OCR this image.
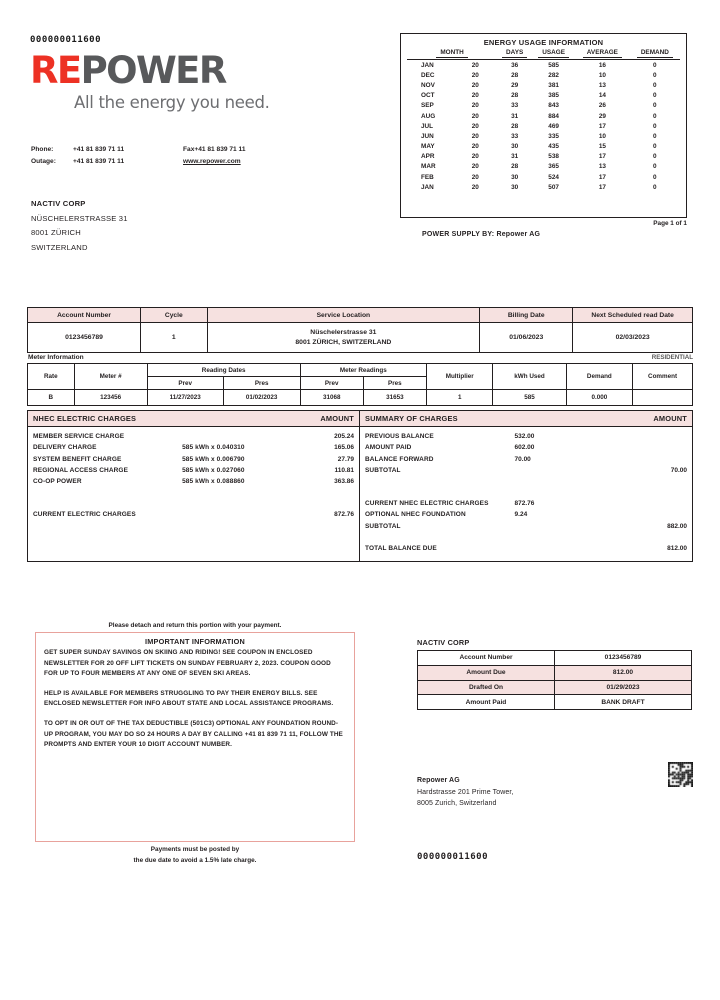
000000011600
REPOWER
All the energy you need.
Phone:	+41 81 839 71 11	Fax+41 81 839 71 11
Outage:	+41 81 839 71 11	www.repower.com
NACTIV CORP
NÜSCHELERSTRASSE 31
8001 ZÜRICH
SWITZERLAND
ENERGY USAGE INFORMATION
MONTH		DAYS	USAGE	AVERAGE	DEMAND
JAN	20	36	585	16	0
DEC	20	28	282	10	0
NOV	20	29	381	13	0
OCT	20	28	385	14	0
SEP	20	33	843	26	0
AUG	20	31	884	29	0
JUL	20	28	469	17	0
JUN	20	33	335	10	0
MAY	20	30	435	15	0
APR	20	31	538	17	0
MAR	20	28	365	13	0
FEB	20	30	524	17	0
JAN	20	30	507	17	0
Page 1 of 1
POWER SUPPLY BY: Repower AG
Account Number	Cycle	Service Location	Billing Date	Next Scheduled read Date
0123456789	1	Nüschelerstrasse 31
8001 ZÜRICH, SWITZERLAND	01/06/2023	02/03/2023
Meter Information	RESIDENTIAL
Rate	Meter #	Reading Dates		Meter Readings		Multiplier	kWh Used	Demand	Comment
		Prev	Pres	Prev	Pres				
B	123456	11/27/2023	01/02/2023	31068	31653	1	585	0.000	
NHEC ELECTRIC CHARGES	AMOUNT
MEMBER SERVICE CHARGE	205.24
DELIVERY CHARGE	585 kWh x 0.040310	165.06
SYSTEM BENEFIT CHARGE	585 kWh x 0.006790	27.79
REGIONAL ACCESS CHARGE	585 kWh x 0.027060	110.81
CO-OP POWER	585 kWh x 0.088860	363.86
CURRENT ELECTRIC CHARGES	872.76
SUMMARY OF CHARGES	AMOUNT
PREVIOUS BALANCE	532.00
AMOUNT PAID	602.00
BALANCE FORWARD	70.00
SUBTOTAL	70.00
CURRENT NHEC ELECTRIC CHARGES	872.76
OPTIONAL NHEC FOUNDATION	9.24
SUBTOTAL	882.00
TOTAL BALANCE DUE	812.00
Please detach and return this portion with your payment.
IMPORTANT INFORMATION
GET SUPER SUNDAY SAVINGS ON SKIING AND RIDING! SEE COUPON IN ENCLOSED NEWSLETTER FOR 20 OFF LIFT TICKETS ON SUNDAY FEBRUARY 2, 2023. COUPON GOOD FOR UP TO FOUR MEMBERS AT ANY ONE OF SEVEN SKI AREAS.
HELP IS AVAILABLE FOR MEMBERS STRUGGLING TO PAY THEIR ENERGY BILLS. SEE ENCLOSED NEWSLETTER FOR INFO ABOUT STATE AND LOCAL ASSISTANCE PROGRAMS.
TO OPT IN OR OUT OF THE TAX DEDUCTIBLE (501C3) OPTIONAL ANY FOUNDATION ROUND-UP PROGRAM, YOU MAY DO SO 24 HOURS A DAY BY CALLING +41 81 839 71 11, FOLLOW THE PROMPTS AND ENTER YOUR 10 DIGIT ACCOUNT NUMBER.
Payments must be posted by
the due date to avoid a 1.5% late charge.
NACTIV CORP
Account Number	0123456789
Amount Due	812.00
Drafted On	01/29/2023
Amount Paid	BANK DRAFT
Repower AG
Hardstrasse 201 Prime Tower,
8005 Zurich, Switzerland
000000011600
